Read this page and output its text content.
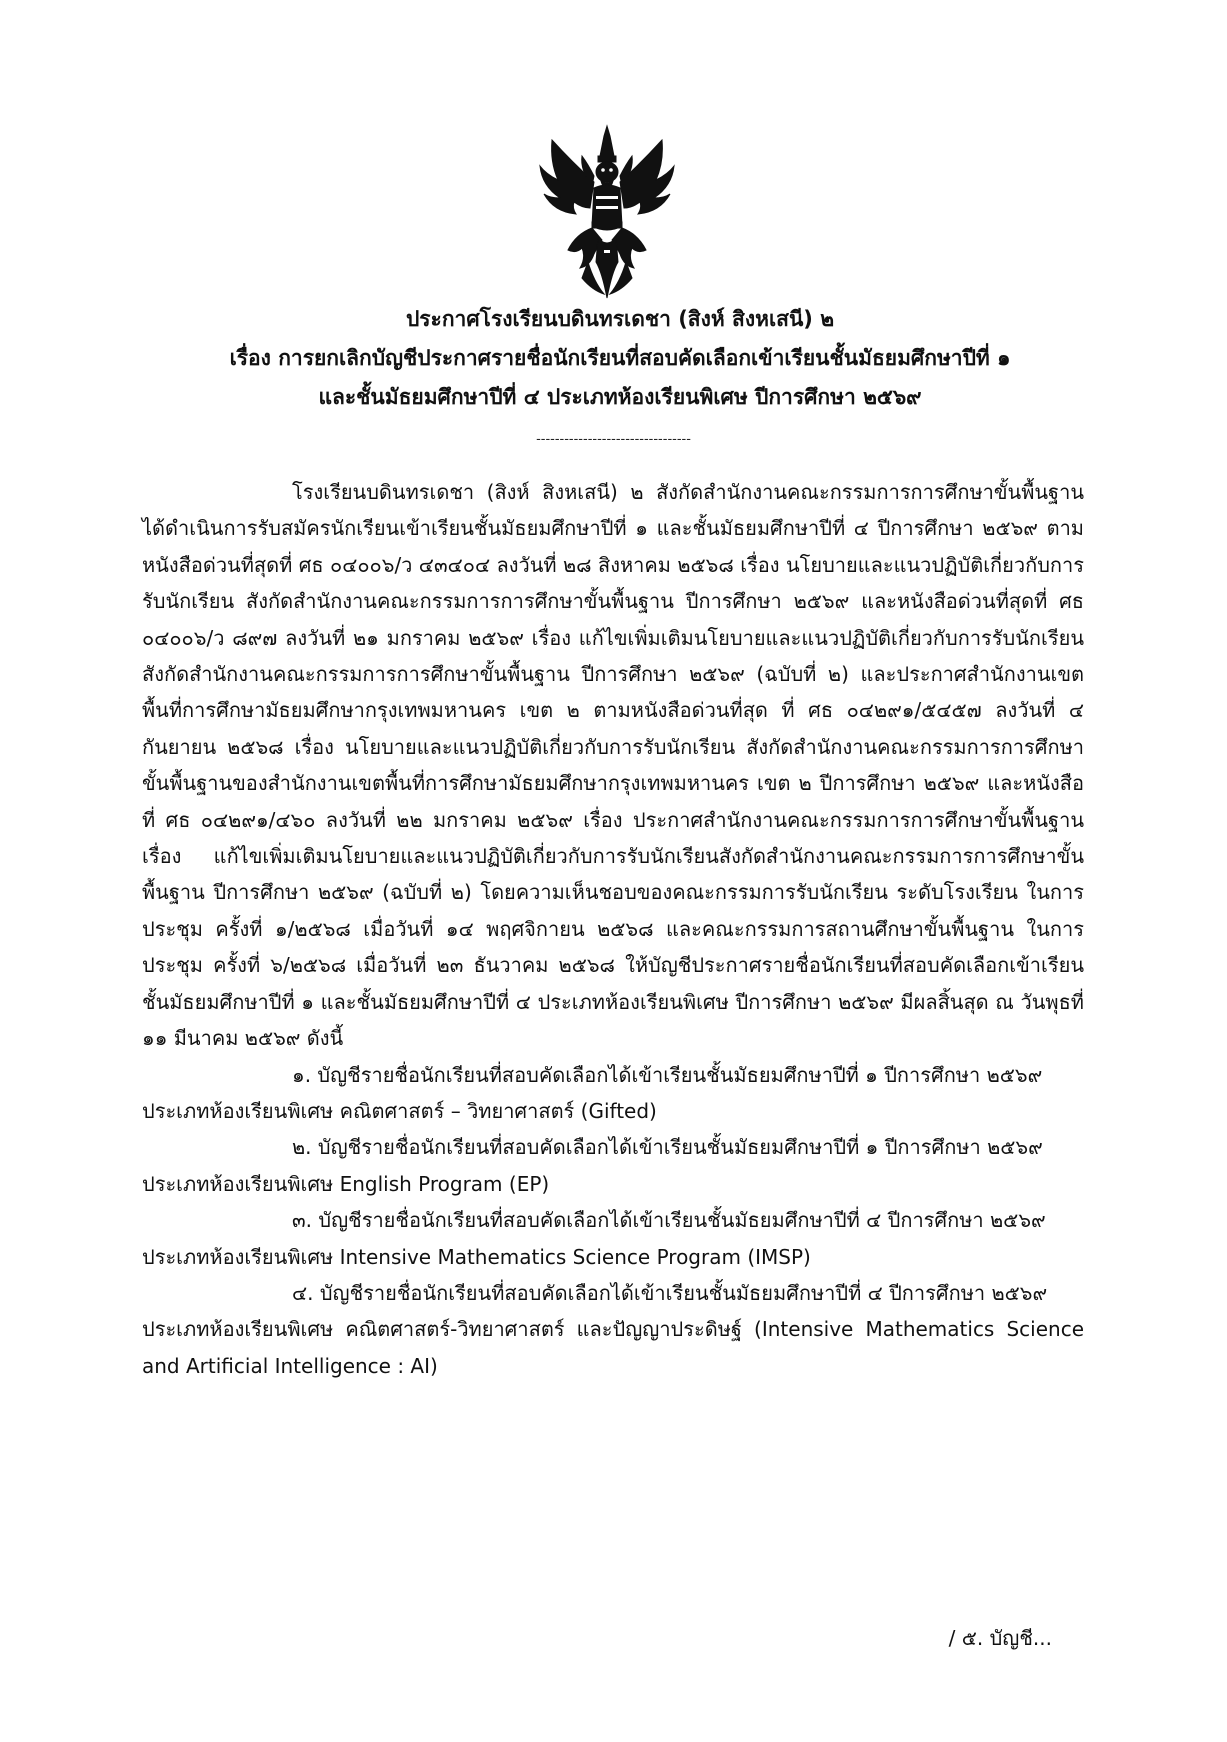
ประกาศโรงเรียนบดินทรเดชา (สิงห์ สิงหเสนี) ๒
เรื่อง การยกเลิกบัญชีประกาศรายชื่อนักเรียนที่สอบคัดเลือกเข้าเรียนชั้นมัธยมศึกษาปีที่ ๑
และชั้นมัธยมศึกษาปีที่ ๔ ประเภทห้องเรียนพิเศษ ปีการศึกษา ๒๕๖๙
---------------------------------

โรงเรียนบดินทรเดชา (สิงห์ สิงหเสนี) ๒ สังกัดสำนักงานคณะกรรมการการศึกษาขั้นพื้นฐาน ได้ดำเนินการรับสมัครนักเรียนเข้าเรียนชั้นมัธยมศึกษาปีที่ ๑ และชั้นมัธยมศึกษาปีที่ ๔ ปีการศึกษา ๒๕๖๙ ตามหนังสือด่วนที่สุดที่ ศธ ๐๔๐๐๖/ว ๔๓๔๐๔ ลงวันที่ ๒๘ สิงหาคม ๒๕๖๘ เรื่อง นโยบายและแนวปฏิบัติเกี่ยวกับการรับนักเรียน สังกัดสำนักงานคณะกรรมการการศึกษาขั้นพื้นฐาน ปีการศึกษา ๒๕๖๙ และหนังสือด่วนที่สุดที่ ศธ ๐๔๐๐๖/ว ๘๙๗ ลงวันที่ ๒๑ มกราคม ๒๕๖๙ เรื่อง แก้ไขเพิ่มเติมนโยบายและแนวปฏิบัติเกี่ยวกับการรับนักเรียน สังกัดสำนักงานคณะกรรมการการศึกษาขั้นพื้นฐาน ปีการศึกษา ๒๕๖๙ (ฉบับที่ ๒) และประกาศสำนักงานเขตพื้นที่การศึกษามัธยมศึกษากรุงเทพมหานคร เขต ๒ ตามหนังสือด่วนที่สุด ที่ ศธ ๐๔๒๙๑/๕๔๕๗ ลงวันที่ ๔ กันยายน ๒๕๖๘ เรื่อง นโยบายและแนวปฏิบัติเกี่ยวกับการรับนักเรียน สังกัดสำนักงานคณะกรรมการการศึกษาขั้นพื้นฐานของสำนักงานเขตพื้นที่การศึกษามัธยมศึกษากรุงเทพมหานคร เขต ๒ ปีการศึกษา ๒๕๖๙ และหนังสือที่ ศธ ๐๔๒๙๑/๔๖๐ ลงวันที่ ๒๒ มกราคม ๒๕๖๙ เรื่อง ประกาศสำนักงานคณะกรรมการการศึกษาขั้นพื้นฐาน เรื่อง แก้ไขเพิ่มเติมนโยบายและแนวปฏิบัติเกี่ยวกับการรับนักเรียนสังกัดสำนักงานคณะกรรมการการศึกษาขั้นพื้นฐาน ปีการศึกษา ๒๕๖๙ (ฉบับที่ ๒) โดยความเห็นชอบของคณะกรรมการรับนักเรียน ระดับโรงเรียน ในการประชุม ครั้งที่ ๑/๒๕๖๘ เมื่อวันที่ ๑๔ พฤศจิกายน ๒๕๖๘ และคณะกรรมการสถานศึกษาขั้นพื้นฐาน ในการประชุม ครั้งที่ ๖/๒๕๖๘ เมื่อวันที่ ๒๓ ธันวาคม ๒๕๖๘ ให้บัญชีประกาศรายชื่อนักเรียนที่สอบคัดเลือกเข้าเรียนชั้นมัธยมศึกษาปีที่ ๑ และชั้นมัธยมศึกษาปีที่ ๔ ประเภทห้องเรียนพิเศษ ปีการศึกษา ๒๕๖๙ มีผลสิ้นสุด ณ วันพุธที่ ๑๑ มีนาคม ๒๕๖๙ ดังนี้

๑. บัญชีรายชื่อนักเรียนที่สอบคัดเลือกได้เข้าเรียนชั้นมัธยมศึกษาปีที่ ๑ ปีการศึกษา ๒๕๖๙
ประเภทห้องเรียนพิเศษ คณิตศาสตร์ – วิทยาศาสตร์ (Gifted)
๒. บัญชีรายชื่อนักเรียนที่สอบคัดเลือกได้เข้าเรียนชั้นมัธยมศึกษาปีที่ ๑ ปีการศึกษา ๒๕๖๙
ประเภทห้องเรียนพิเศษ English Program (EP)
๓. บัญชีรายชื่อนักเรียนที่สอบคัดเลือกได้เข้าเรียนชั้นมัธยมศึกษาปีที่ ๔ ปีการศึกษา ๒๕๖๙
ประเภทห้องเรียนพิเศษ Intensive Mathematics Science Program (IMSP)
๔. บัญชีรายชื่อนักเรียนที่สอบคัดเลือกได้เข้าเรียนชั้นมัธยมศึกษาปีที่ ๔ ปีการศึกษา ๒๕๖๙
ประเภทห้องเรียนพิเศษ คณิตศาสตร์-วิทยาศาสตร์ และปัญญาประดิษฐ์ (Intensive Mathematics Science and Artificial Intelligence : AI)
/ ๕. บัญชี...
